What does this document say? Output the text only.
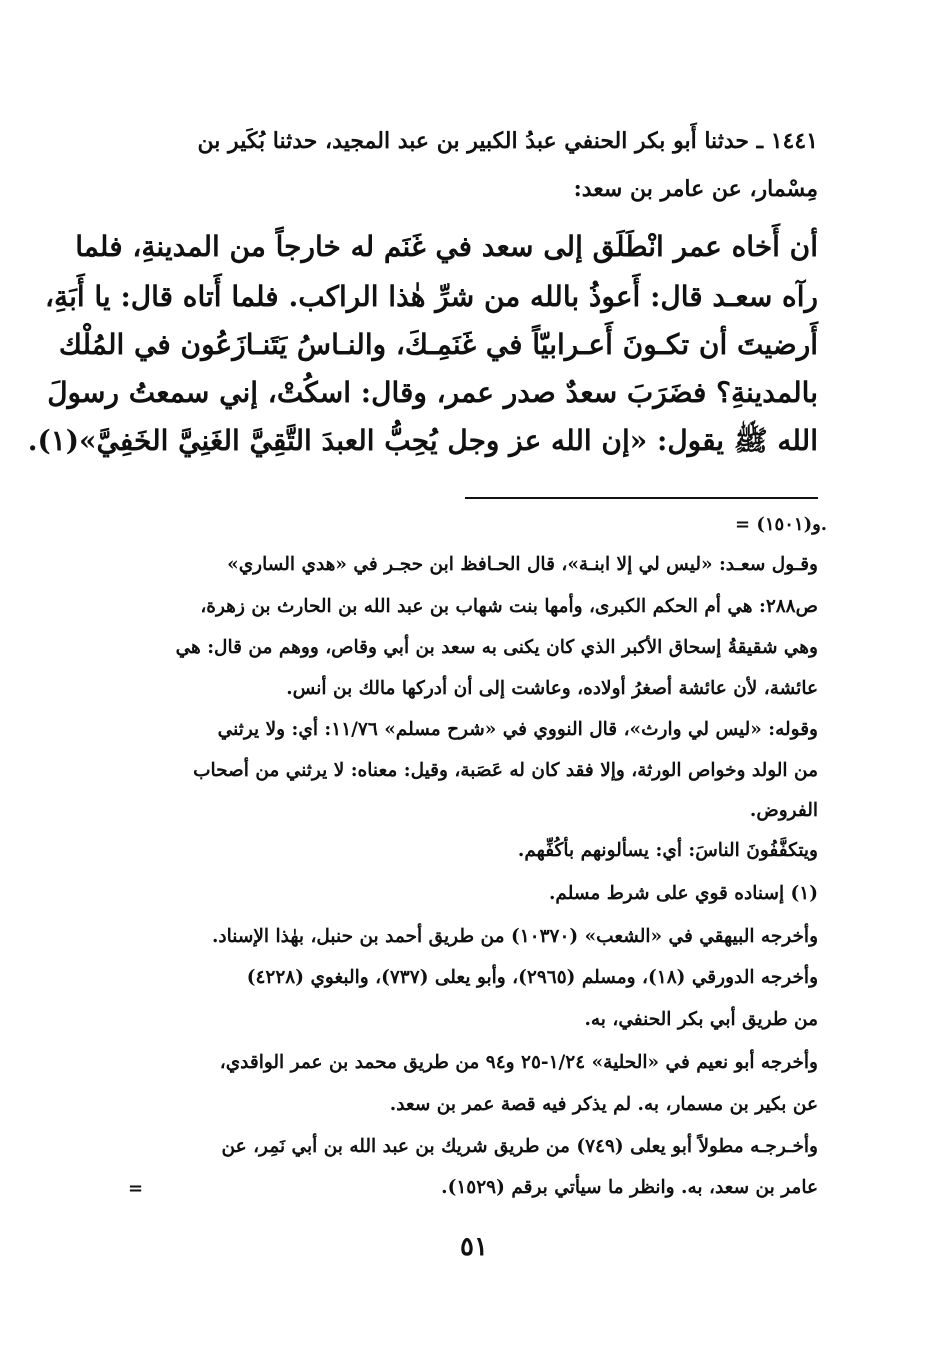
١٤٤١ ـ حدثنا أَبو بكر الحنفي عبدُ الكبير بن عبد المجيد، حدثنا بُكَير بن
مِسْمار، عن عامر بن سعد:
أن أَخاه عمر انْطَلَق إلى سعد في غَنَم له خارجاً من المدينةِ، فلما
رآه سعـد قال: أَعوذُ بالله من شرِّ هٰذا الراكب. فلما أَتاه قال: يا أَبَةِ،
أَرضيتَ أن تكـونَ أَعـرابيّاً في غَنَمِـكَ، والنـاسُ يَتَنـازَعُون في المُلْك
بالمدينةِ؟ فضَرَبَ سعدٌ صدر عمر، وقال: اسكُتْ، إني سمعتُ رسولَ
الله ﷺ يقول: «إن الله عز وجل يُحِبُّ العبدَ التَّقِيَّ الغَنِيَّ الخَفِيَّ»(١).
= و(١٥٠١).
وقـول سعـد: «ليس لي إلا ابنـة»، قال الحـافظ ابن حجـر في «هدي الساري»
ص٢٨٨: هي أم الحكم الكبرى، وأمها بنت شهاب بن عبد الله بن الحارث بن زهرة،
وهي شقيقةُ إسحاق الأكبر الذي كان يكنى به سعد بن أبي وقاص، ووهم من قال: هي
عائشة، لأن عائشة أصغرُ أولاده، وعاشت إلى أن أدركها مالك بن أنس.
وقوله: «ليس لي وارث»، قال النووي في «شرح مسلم» ١١/٧٦: أي: ولا يرثني
من الولد وخواص الورثة، وإلا فقد كان له عَصَبة، وقيل: معناه: لا يرثني من أصحاب
الفروض.
ويتكفَّفُونَ الناسَ: أي: يسألونهم بأكُفِّهم.
(١) إسناده قوي على شرط مسلم.
وأخرجه البيهقي في «الشعب» (١٠٣٧٠) من طريق أحمد بن حنبل، بهٰذا الإسناد.
وأخرجه الدورقي (١٨)، ومسلم (٢٩٦٥)، وأبو يعلى (٧٣٧)، والبغوي (٤٢٢٨)
من طريق أبي بكر الحنفي، به.
وأخرجه أبو نعيم في «الحلية» ١/٢٤-٢٥ و٩٤ من طريق محمد بن عمر الواقدي،
عن بكير بن مسمار، به. لم يذكر فيه قصة عمر بن سعد.
وأخـرجـه مطولاً أبو يعلى (٧٤٩) من طريق شريك بن عبد الله بن أبي نَمِر، عن
عامر بن سعد، به. وانظر ما سيأتي برقم (١٥٢٩).
=
٥١
